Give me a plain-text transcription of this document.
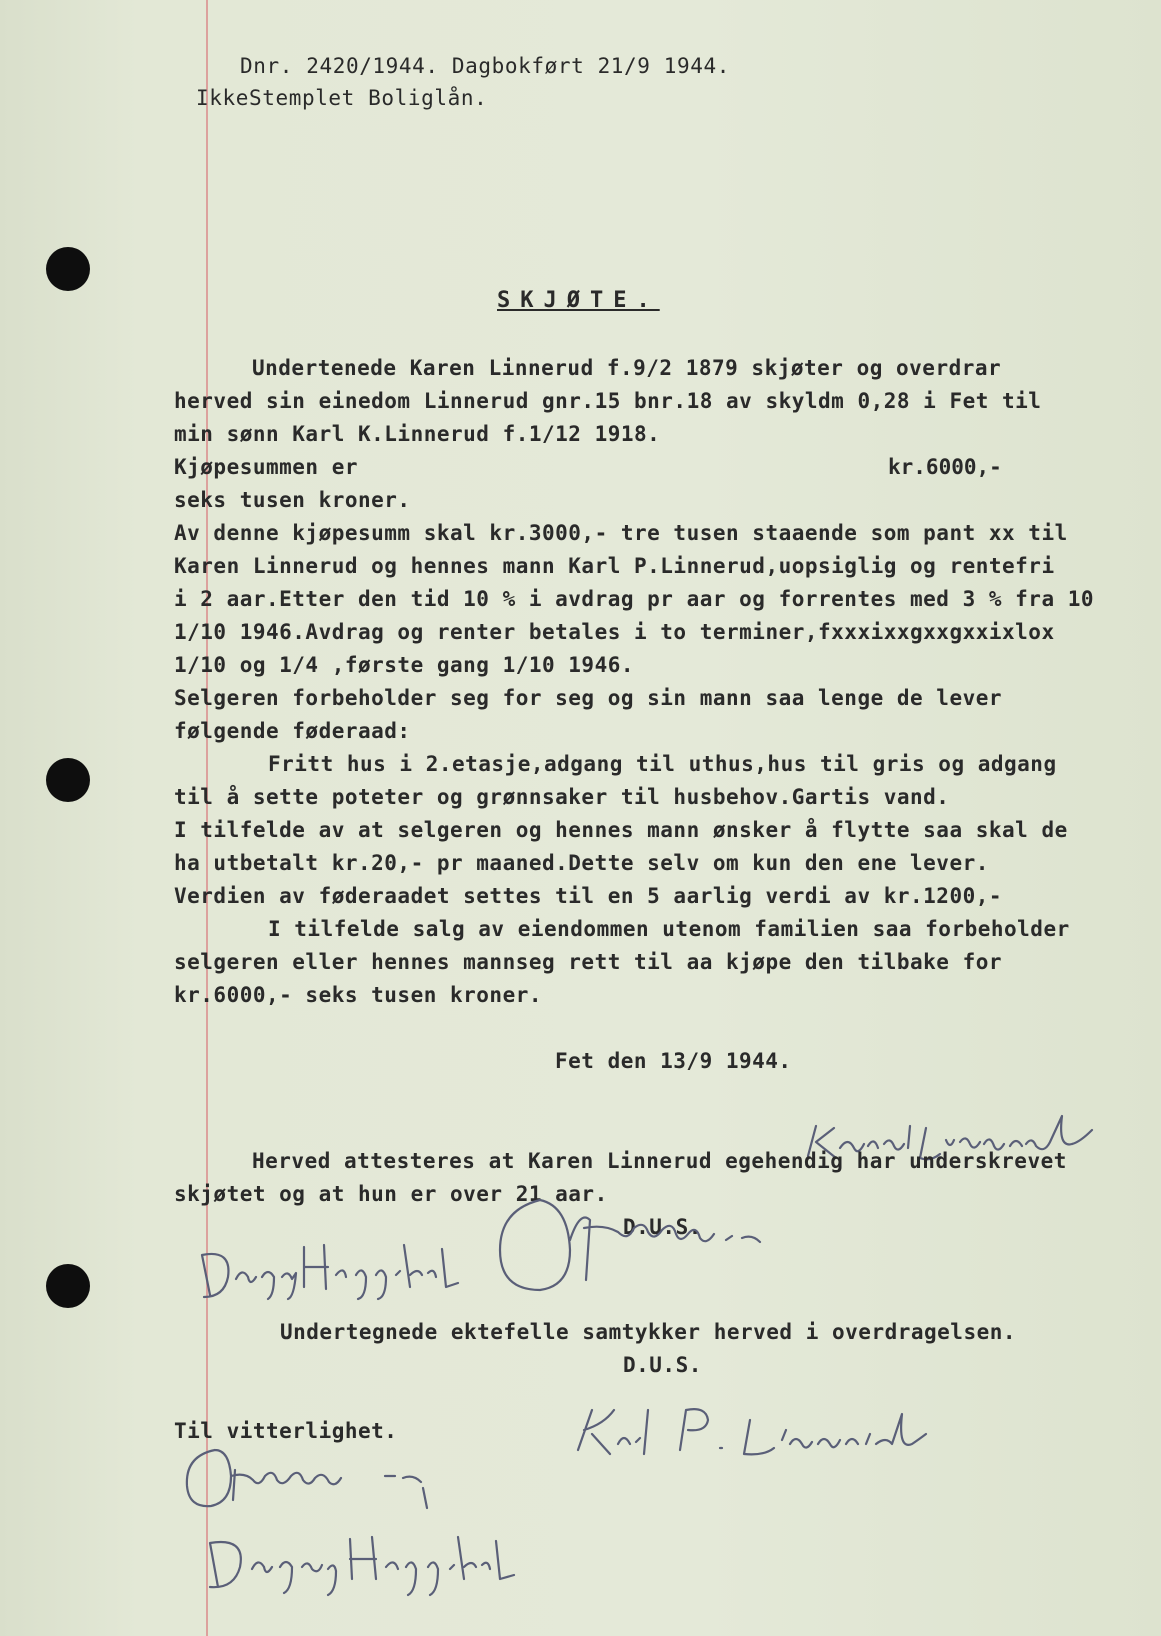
Dnr. 2420/1944. Dagbokført 21/9 1944.
IkkeStemplet Boliglån.
SKJØTE.
Undertenede Karen Linnerud f.9/2 1879 skjøter og overdrar
herved sin einedom Linnerud gnr.15 bnr.18 av skyldm 0,28 i Fet til
min sønn Karl K.Linnerud f.1/12 1918.
Kjøpesummen er	kr.6000,-
seks tusen kroner.
Av denne kjøpesumm skal kr.3000,- tre tusen staaende som pant xx til
Karen Linnerud og hennes mann Karl P.Linnerud,uopsiglig og rentefri
i 2 aar.Etter den tid 10 % i avdrag pr aar og forrentes med 3 % fra 10
1/10 1946.Avdrag og renter betales i to terminer,fxxxixxgxxgxxixlox
1/10 og 1/4 ,første gang 1/10 1946.
Selgeren forbeholder seg for seg og sin mann saa lenge de lever
følgende føderaad:
Fritt hus i 2.etasje,adgang til uthus,hus til gris og adgang
til å sette poteter og grønnsaker til husbehov.Gartis vand.
I tilfelde av at selgeren og hennes mann ønsker å flytte saa skal de
ha utbetalt kr.20,- pr maaned.Dette selv om kun den ene lever.
Verdien av føderaadet settes til en 5 aarlig verdi av kr.1200,-
I tilfelde salg av eiendommen utenom familien saa forbeholder
selgeren eller hennes mannseg rett til aa kjøpe den tilbake for
kr.6000,- seks tusen kroner.
Fet den 13/9 1944.
Herved attesteres at Karen Linnerud egehendig har underskrevet
skjøtet og at hun er over 21 aar.
D.U.S.
Undertegnede ektefelle samtykker herved i overdragelsen.
D.U.S.
Til vitterlighet.
